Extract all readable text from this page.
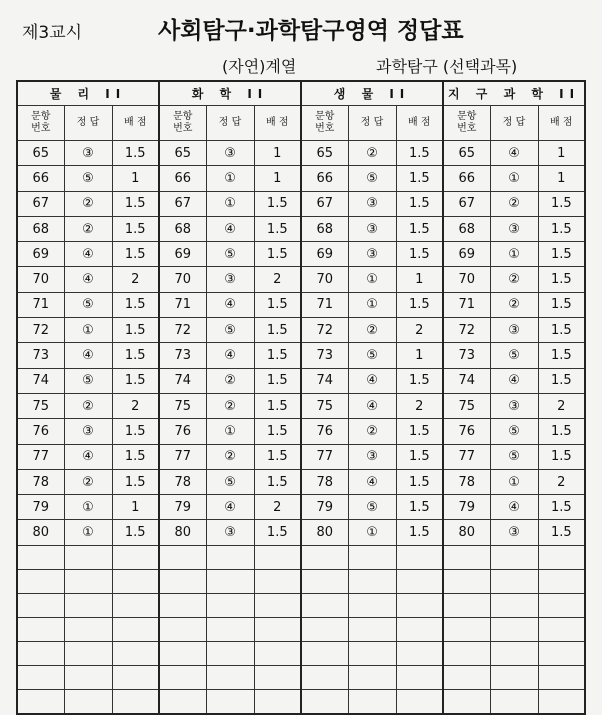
제3교시	사회탐구·과학탐구영역 정답표
(자연)계열	과학탐구 (선택과목)
물 리 II			화 학 II			생 물 II			지 구 과 학 II		
문항
번호	정 답	배 점	문항
번호	정 답	배 점	문항
번호	정 답	배 점	문항
번호	정 답	배 점
65	③	1.5	65	③	1	65	②	1.5	65	④	1
66	⑤	1	66	①	1	66	⑤	1.5	66	①	1
67	②	1.5	67	①	1.5	67	③	1.5	67	②	1.5
68	②	1.5	68	④	1.5	68	③	1.5	68	③	1.5
69	④	1.5	69	⑤	1.5	69	③	1.5	69	①	1.5
70	④	2	70	③	2	70	①	1	70	②	1.5
71	⑤	1.5	71	④	1.5	71	①	1.5	71	②	1.5
72	①	1.5	72	⑤	1.5	72	②	2	72	③	1.5
73	④	1.5	73	④	1.5	73	⑤	1	73	⑤	1.5
74	⑤	1.5	74	②	1.5	74	④	1.5	74	④	1.5
75	②	2	75	②	1.5	75	④	2	75	③	2
76	③	1.5	76	①	1.5	76	②	1.5	76	⑤	1.5
77	④	1.5	77	②	1.5	77	③	1.5	77	⑤	1.5
78	②	1.5	78	⑤	1.5	78	④	1.5	78	①	2
79	①	1	79	④	2	79	⑤	1.5	79	④	1.5
80	①	1.5	80	③	1.5	80	①	1.5	80	③	1.5
